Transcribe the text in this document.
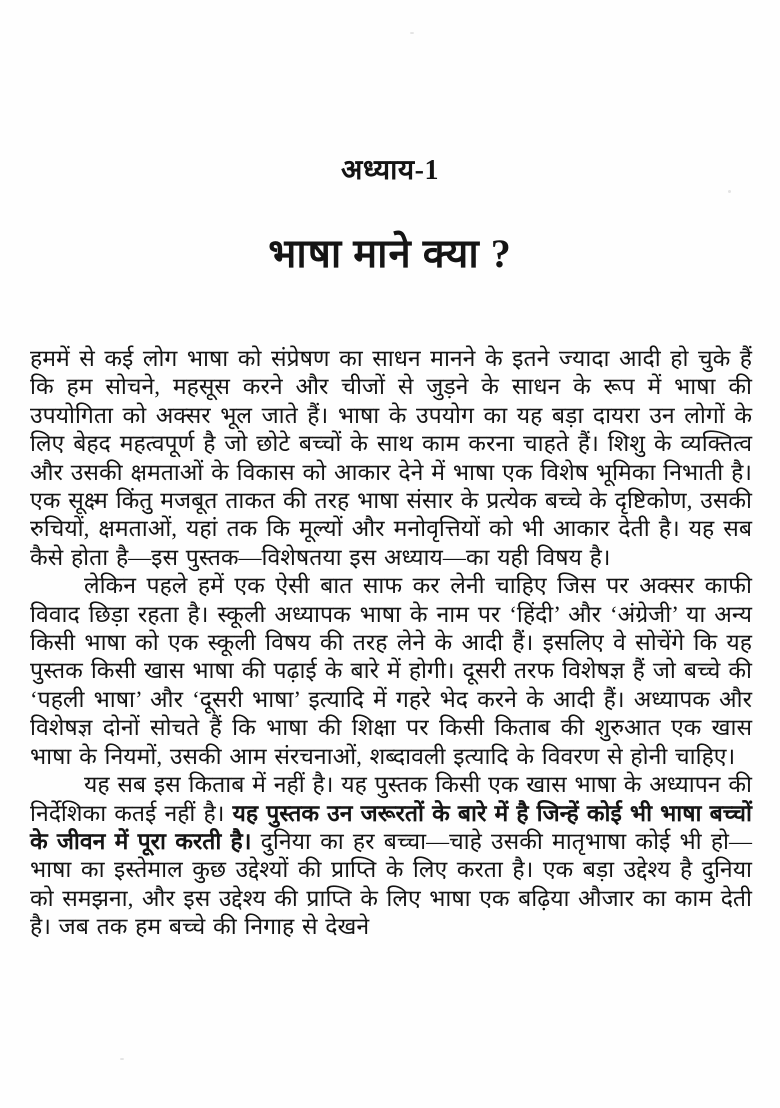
अध्याय-1
भाषा माने क्या ?

हममें से कई लोग भाषा को संप्रेषण का साधन मानने के इतने ज्यादा आदी हो चुके हैं कि हम सोचने, महसूस करने और चीजों से जुड़ने के साधन के रूप में भाषा की उपयोगिता को अक्सर भूल जाते हैं। भाषा के उपयोग का यह बड़ा दायरा उन लोगों के लिए बेहद महत्वपूर्ण है जो छोटे बच्चों के साथ काम करना चाहते हैं। शिशु के व्यक्तित्व और उसकी क्षमताओं के विकास को आकार देने में भाषा एक विशेष भूमिका निभाती है। एक सूक्ष्म किंतु मजबूत ताकत की तरह भाषा संसार के प्रत्येक बच्चे के दृष्टिकोण, उसकी रुचियों, क्षमताओं, यहां तक कि मूल्यों और मनोवृत्तियों को भी आकार देती है। यह सब कैसे होता है—इस पुस्तक—विशेषतया इस अध्याय—का यही विषय है।

लेकिन पहले हमें एक ऐसी बात साफ कर लेनी चाहिए जिस पर अक्सर काफी विवाद छिड़ा रहता है। स्कूली अध्यापक भाषा के नाम पर ‘हिंदी’ और ‘अंग्रेजी’ या अन्य किसी भाषा को एक स्कूली विषय की तरह लेने के आदी हैं। इसलिए वे सोचेंगे कि यह पुस्तक किसी खास भाषा की पढ़ाई के बारे में होगी। दूसरी तरफ विशेषज्ञ हैं जो बच्चे की ‘पहली भाषा’ और ‘दूसरी भाषा’ इत्यादि में गहरे भेद करने के आदी हैं। अध्यापक और विशेषज्ञ दोनों सोचते हैं कि भाषा की शिक्षा पर किसी किताब की शुरुआत एक खास भाषा के नियमों, उसकी आम संरचनाओं, शब्दावली इत्यादि के विवरण से होनी चाहिए।

यह सब इस किताब में नहीं है। यह पुस्तक किसी एक खास भाषा के अध्यापन की निर्देशिका कतई नहीं है। यह पुस्तक उन जरूरतों के बारे में है जिन्हें कोई भी भाषा बच्चों के जीवन में पूरा करती है। दुनिया का हर बच्चा—चाहे उसकी मातृभाषा कोई भी हो—भाषा का इस्तेमाल कुछ उद्देश्यों की प्राप्ति के लिए करता है। एक बड़ा उद्देश्य है दुनिया को समझना, और इस उद्देश्य की प्राप्ति के लिए भाषा एक बढ़िया औजार का काम देती है। जब तक हम बच्चे की निगाह से देखने
